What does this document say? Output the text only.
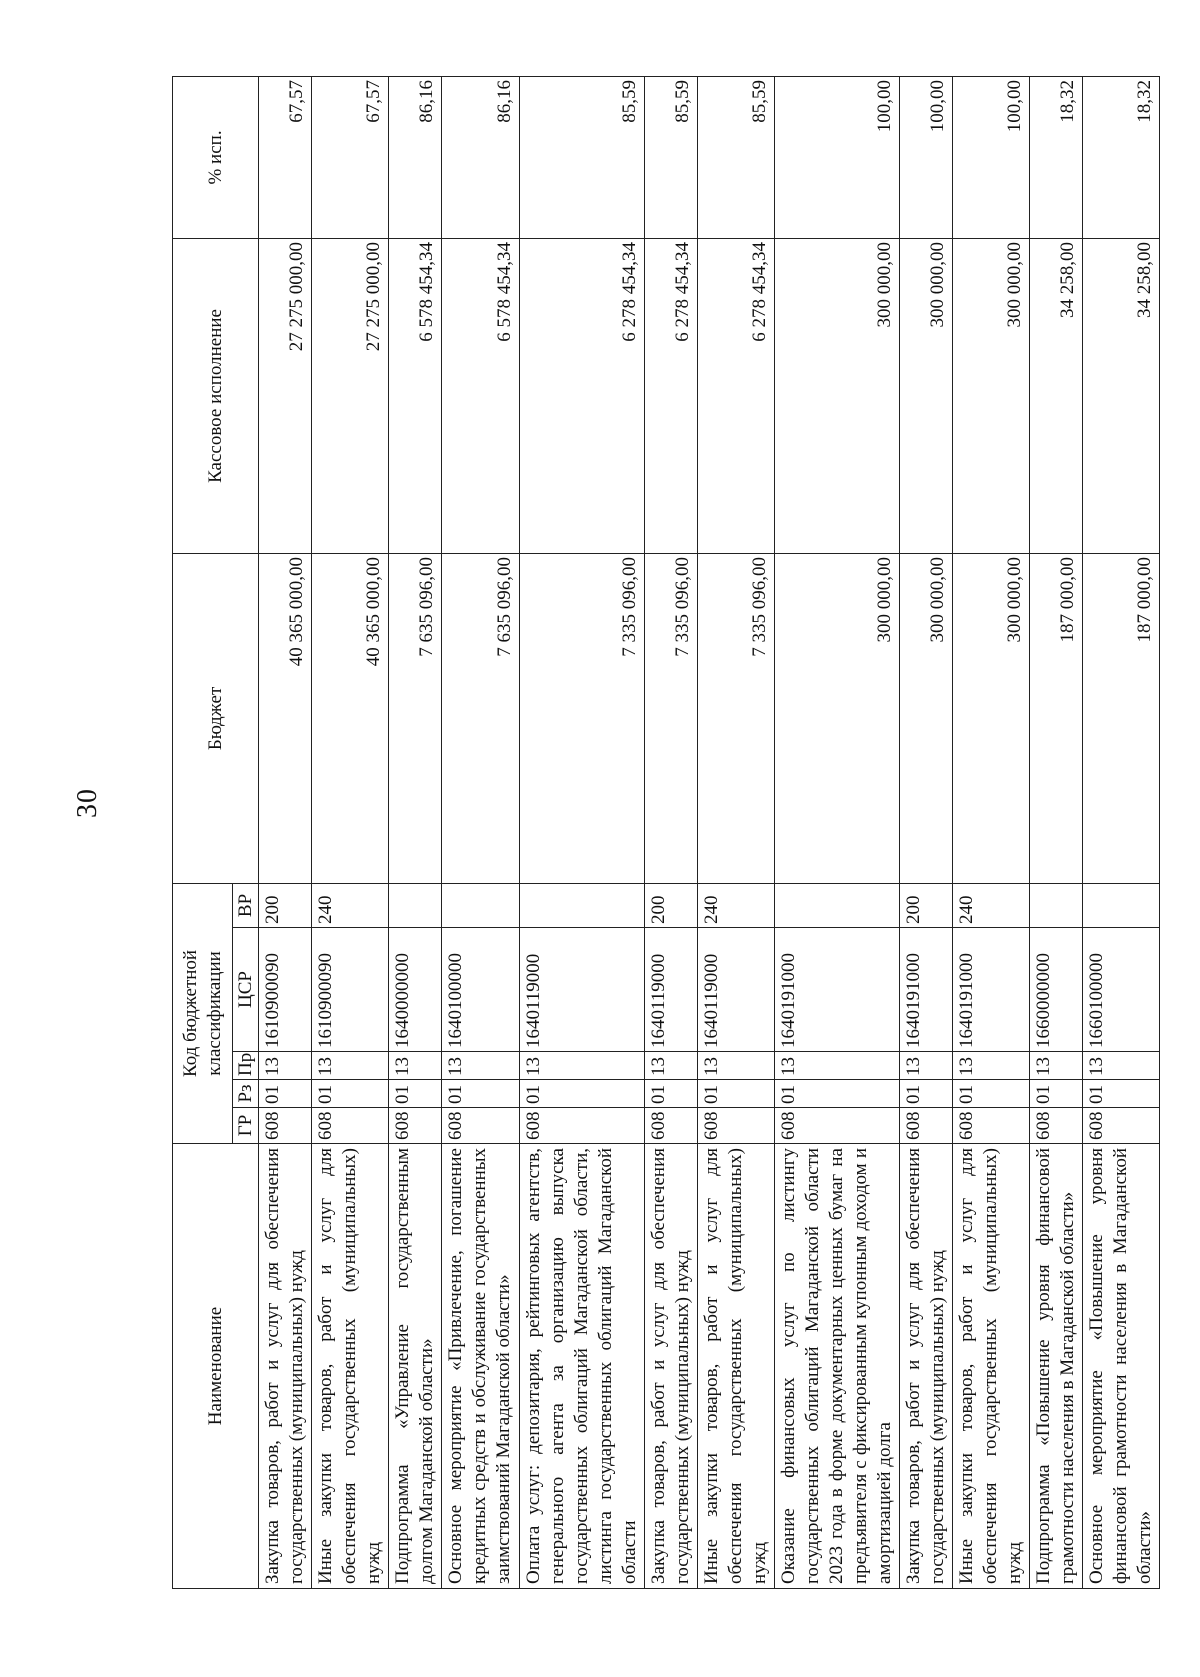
30
Наименование	Код бюджетной классификации					Бюджет	Кассовое исполнение	% исп.
	ГР	Рз	Пр	ЦСР	ВР			
Закупка товаров, работ и услуг для обеспечения государственных (муниципальных) нужд	608	01	13	1610900090	200	40 365 000,00	27 275 000,00	67,57
Иные закупки товаров, работ и услуг для обеспечения государственных (муниципальных) нужд	608	01	13	1610900090	240	40 365 000,00	27 275 000,00	67,57
Подпрограмма «Управление государственным долгом Магаданской области»	608	01	13	1640000000		7 635 096,00	6 578 454,34	86,16
Основное мероприятие «Привлечение, погашение кредитных средств и обслуживание государственных заимствований Магаданской области»	608	01	13	1640100000		7 635 096,00	6 578 454,34	86,16
Оплата услуг: депозитария, рейтинговых агентств, генерального агента за организацию выпуска государственных облигаций Магаданской области, листинга государственных облигаций Магаданской области	608	01	13	1640119000		7 335 096,00	6 278 454,34	85,59
Закупка товаров, работ и услуг для обеспечения государственных (муниципальных) нужд	608	01	13	1640119000	200	7 335 096,00	6 278 454,34	85,59
Иные закупки товаров, работ и услуг для обеспечения государственных (муниципальных) нужд	608	01	13	1640119000	240	7 335 096,00	6 278 454,34	85,59
Оказание финансовых услуг по листингу государственных облигаций Магаданской области 2023 года в форме документарных ценных бумаг на предъявителя с фиксированным купонным доходом и амортизацией долга	608	01	13	1640191000		300 000,00	300 000,00	100,00
Закупка товаров, работ и услуг для обеспечения государственных (муниципальных) нужд	608	01	13	1640191000	200	300 000,00	300 000,00	100,00
Иные закупки товаров, работ и услуг для обеспечения государственных (муниципальных) нужд	608	01	13	1640191000	240	300 000,00	300 000,00	100,00
Подпрограмма «Повышение уровня финансовой грамотности населения в Магаданской области»	608	01	13	1660000000		187 000,00	34 258,00	18,32
Основное мероприятие «Повышение уровня финансовой грамотности населения в Магаданской области»	608	01	13	1660100000		187 000,00	34 258,00	18,32
